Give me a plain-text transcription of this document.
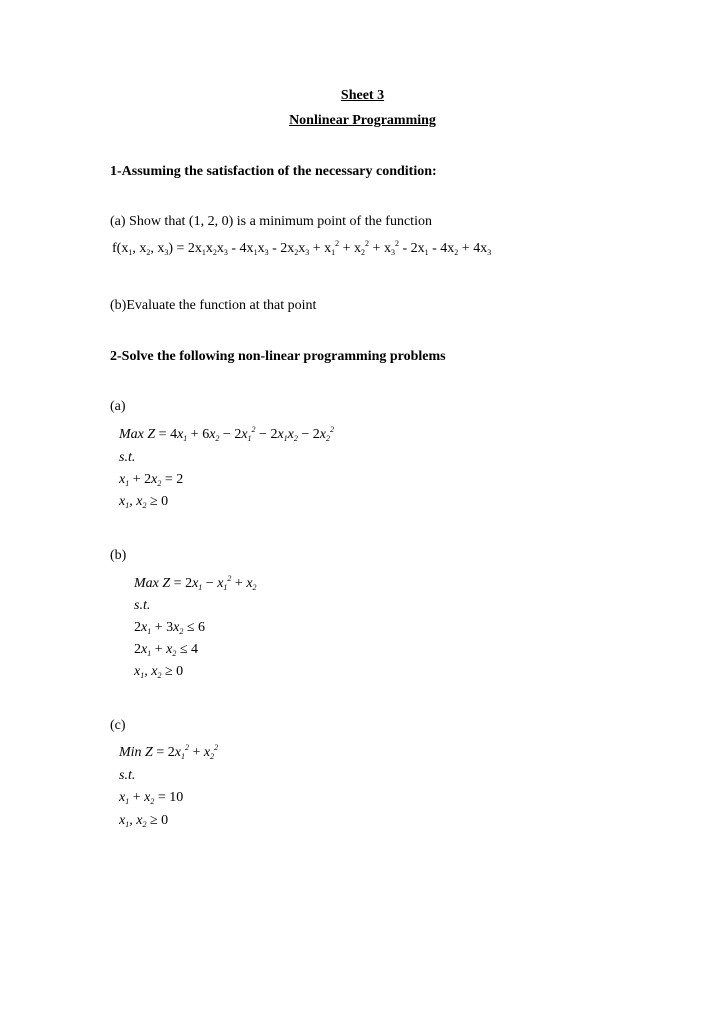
Sheet 3
Nonlinear Programming
1-Assuming the satisfaction of the necessary condition:
(a) Show that (1, 2, 0) is a minimum point of the function
$f(x_1$, $x_2$, $x_3) = 2x_1x_2x_3 - 4x_1x_3 - 2x_2x_3 + x_1^2 + x_2^2 + x_3^2 - 2x_1 - 4x_2 + 4x_3$
(b)Evaluate the function at that point
2-Solve the following non-linear programming problems
(a)
Max $Z = 4x_1 + 6x_2 - 2x_1^2 - 2x_1x_2 - 2x_2^2$
s.t.
$x_1 + 2x_2 = 2$
$x_1$, $x_2 \ge 0$
(b)
Max $Z = 2x_1 - x_1^2 + x_2$
s.t.
$2x_1 + 3x_2 \le 6$
$2x_1 + x_2 \le 4$
$x_1$, $x_2 \ge 0$
(c)
Min $Z = 2x_1^2 + x_2^2$
s.t.
$x_1 + x_2 = 10$
$x_1$, $x_2 \ge 0$
